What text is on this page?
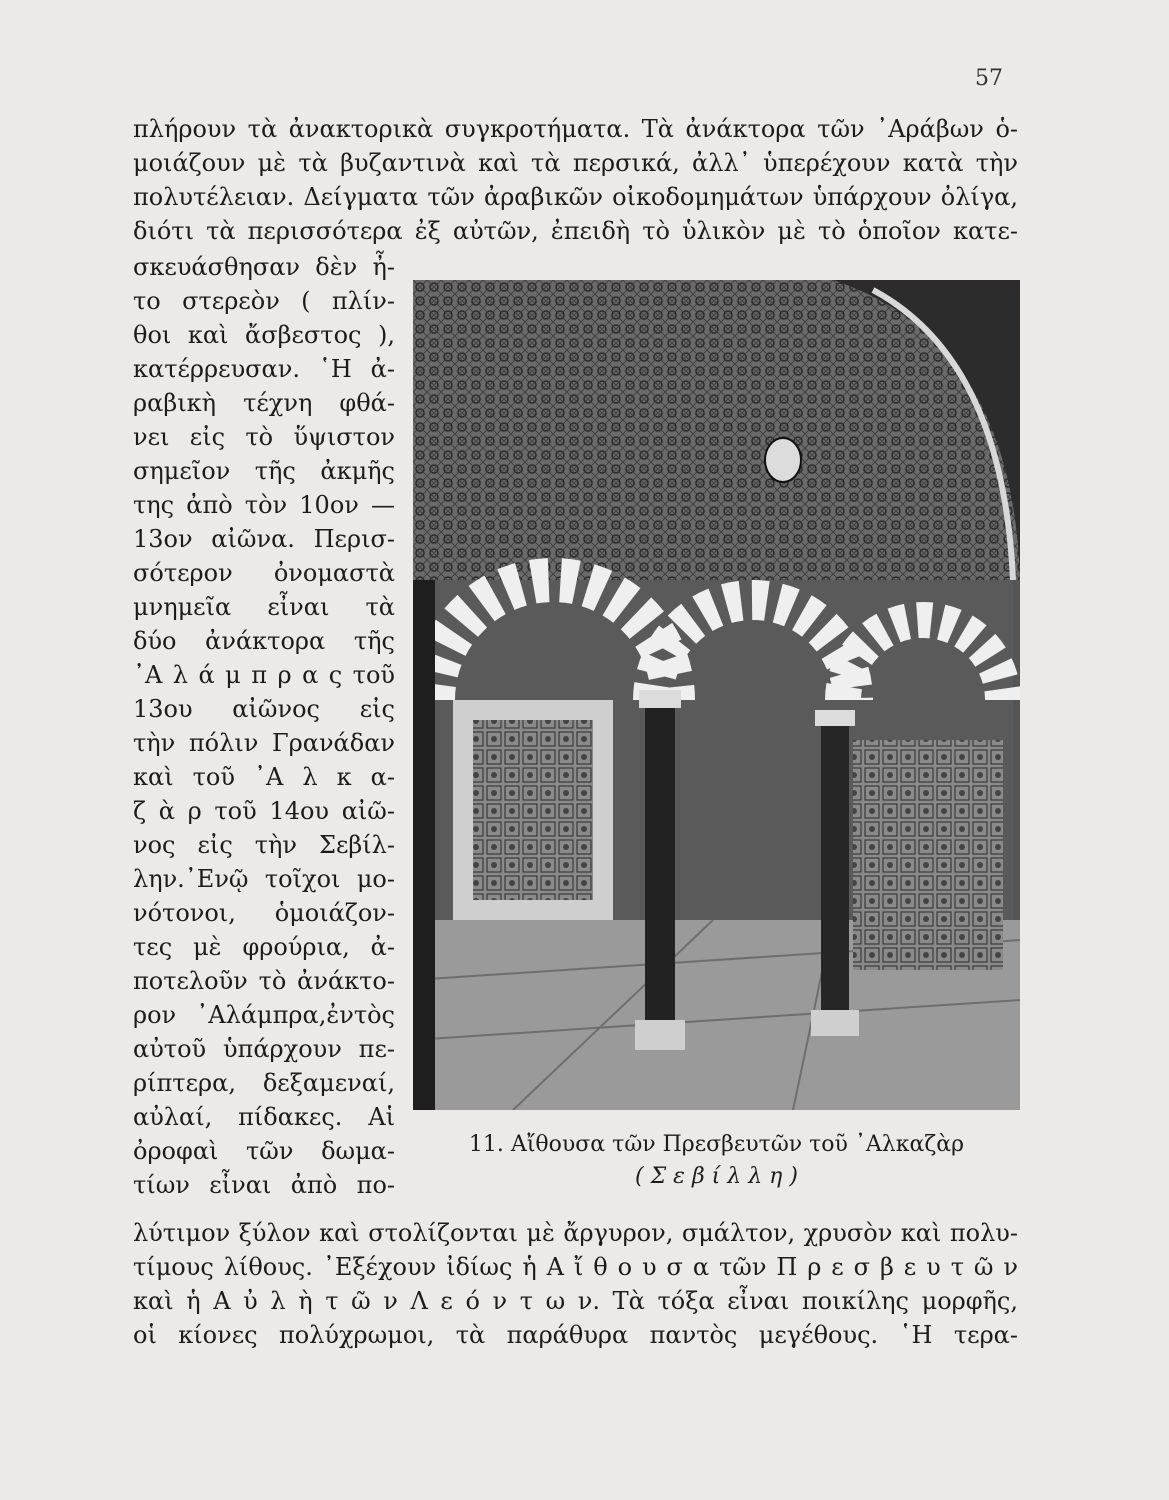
57
πλήρουν τὰ ἀνακτορικὰ συγκροτήματα. Τὰ ἀνάκτορα τῶν ᾿Αράβων ὁ-
μοιάζουν μὲ τὰ βυζαντινὰ καὶ τὰ περσικά, ἀλλ᾿ ὑπερέχουν κατὰ τὴν
πολυτέλειαν. Δείγματα τῶν ἀραβικῶν οἰκοδομημάτων ὑπάρχουν ὀλίγα,
διότι τὰ περισσότερα ἐξ αὐτῶν, ἐπειδὴ τὸ ὑλικὸν μὲ τὸ ὁποῖον κατε-
σκευάσθησαν δὲν ἦ-
το στερεὸν ( πλίν-
θοι καὶ ἄσβεστος ),
κατέρρευσαν. ῾Η ἀ-
ραβικὴ τέχνη φθά-
νει εἰς τὸ ὕψιστον
σημεῖον τῆς ἀκμῆς
της ἀπὸ τὸν 10ον —
13ον αἰῶνα. Περισ-
σότερον ὀνομαστὰ
μνημεῖα εἶναι τὰ
δύο ἀνάκτορα τῆς
᾿Α λ ά μ π ρ α ς τοῦ
13ου αἰῶνος εἰς
τὴν πόλιν Γρανάδαν
καὶ τοῦ ᾿Α λ κ α-
ζ ὰ ρ τοῦ 14ου αἰῶ-
νος εἰς τὴν Σεβίλ-
λην.᾿Ενῷ τοῖχοι μο-
νότονοι, ὁμοιάζον-
τες μὲ φρούρια, ἀ-
ποτελοῦν τὸ ἀνάκτο-
ρον ᾿Αλάμπρα,ἐντὸς
αὐτοῦ ὑπάρχουν πε-
ρίπτερα, δεξαμεναί,
αὐλαί, πίδακες. Αἱ
ὀροφαὶ τῶν δωμα-
τίων εἶναι ἀπὸ πο-
11. Αἴθουσα τῶν Πρεσβευτῶν τοῦ ᾿Αλκαζὰρ
( Σ ε β ί λ λ η )
λύτιμον ξύλον καὶ στολίζονται μὲ ἄργυρον, σμάλτον, χρυσὸν καὶ πολυ-
τίμους λίθους. ᾿Εξέχουν ἰδίως ἡ Α ἴ θ ο υ σ α τῶν Π ρ ε σ β ε υ τ ῶ ν
καὶ ἡ Α ὐ λ ὴ τ ῶ ν Λ ε ό ν τ ω ν. Τὰ τόξα εἶναι ποικίλης μορφῆς,
οἱ κίονες πολύχρωμοι, τὰ παράθυρα παντὸς μεγέθους. ῾Η τερα-
